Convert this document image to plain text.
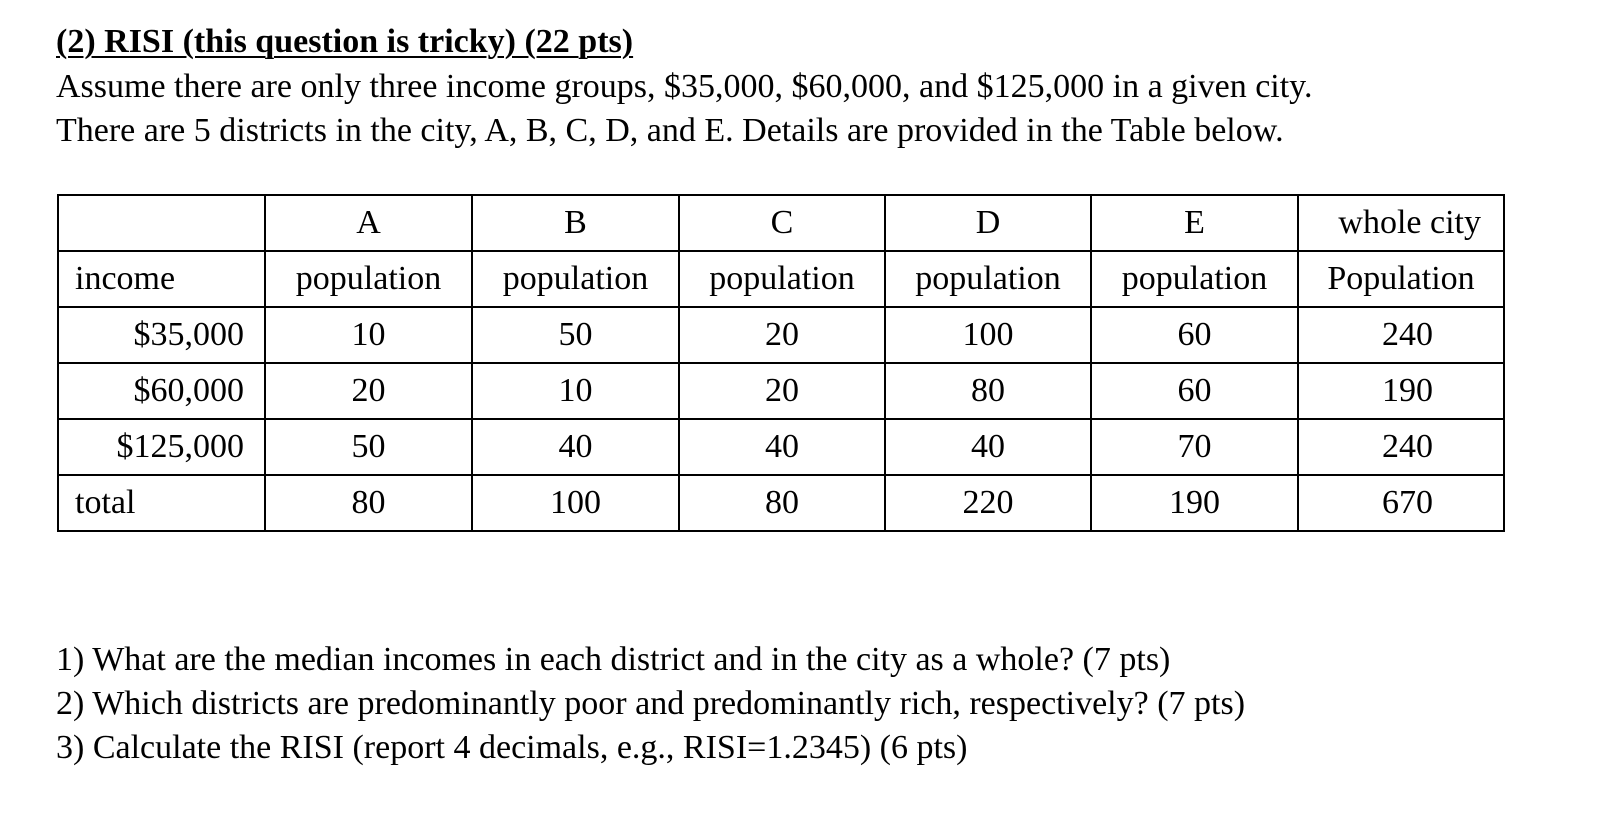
(2) RISI (this question is tricky) (22 pts)
Assume there are only three income groups, $35,000, $60,000, and $125,000 in a given city.
There are 5 districts in the city, A, B, C, D, and E. Details are provided in the Table below.
	A	B	C	D	E	whole city
income	population	population	population	population	population	Population
$35,000	10	50	20	100	60	240
$60,000	20	10	20	80	60	190
$125,000	50	40	40	40	70	240
total	80	100	80	220	190	670
1) What are the median incomes in each district and in the city as a whole? (7 pts)
2) Which districts are predominantly poor and predominantly rich, respectively? (7 pts)
3) Calculate the RISI (report 4 decimals, e.g., RISI=1.2345) (6 pts)
